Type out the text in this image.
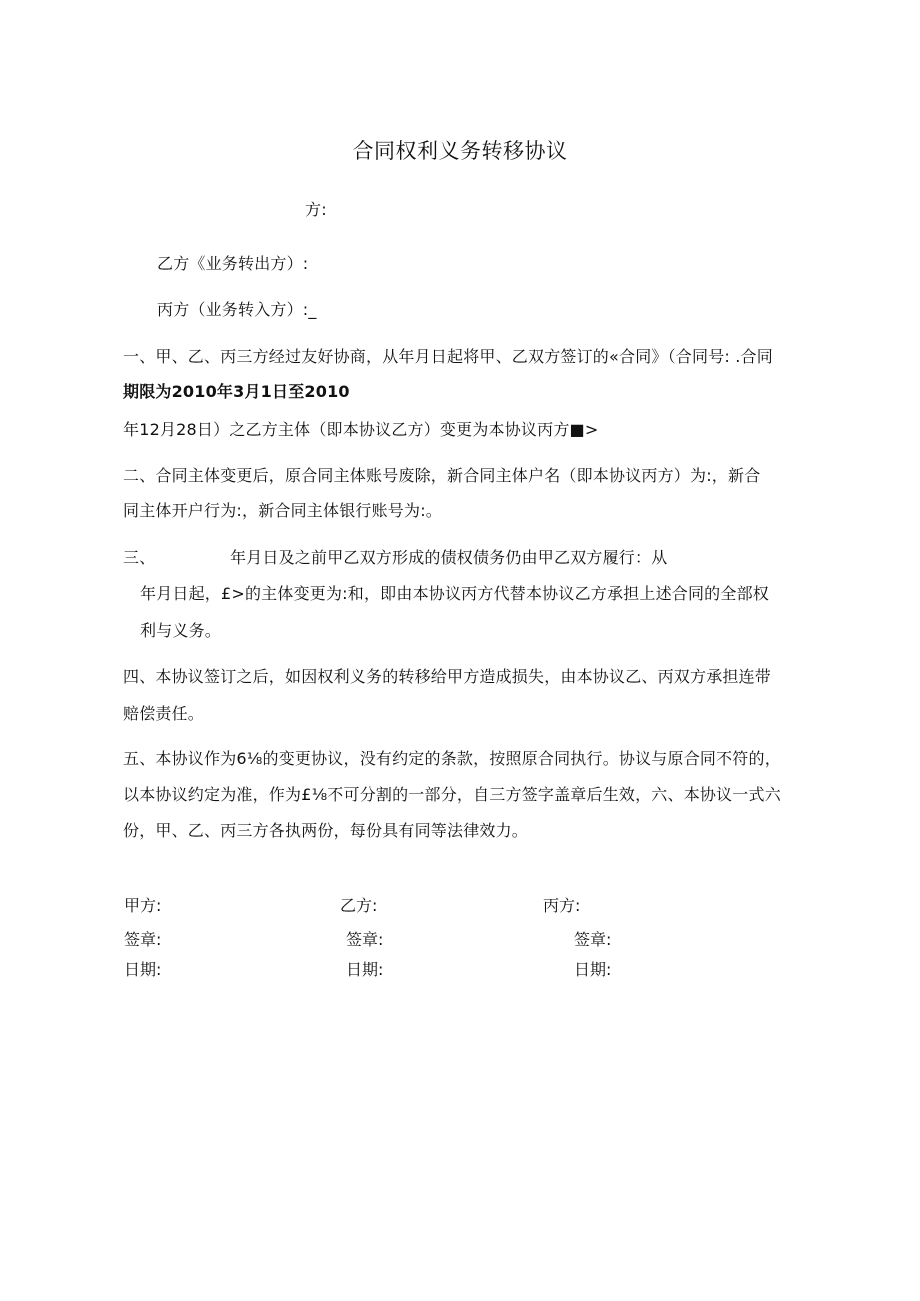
合同权利义务转移协议
方:
乙方《业务转出方）:
丙方（业务转入方）:_
一、甲、乙、丙三方经过友好协商，从年月日起将甲、乙双方签订的«合同》（合同号: .合同
期限为2010年3月1日至2010
年12月28日）之乙方主体（即本协议乙方）变更为本协议丙方■>
二、合同主体变更后，原合同主体账号废除，新合同主体户名（即本协议丙方）为:，新合
同主体开户行为:，新合同主体银行账号为:。
三、	年月日及之前甲乙双方形成的债权债务仍由甲乙双方履行：从
年月日起，£>的主体变更为:和，即由本协议丙方代替本协议乙方承担上述合同的全部权
利与义务。
四、本协议签订之后，如因权利义务的转移给甲方造成损失，由本协议乙、丙双方承担连带
赔偿责任。
五、本协议作为6⅛的变更协议，没有约定的条款，按照原合同执行。协议与原合同不符的，
以本协议约定为准，作为£⅛不可分割的一部分，自三方签字盖章后生效，六、本协议一式六
份，甲、乙、丙三方各执两份，每份具有同等法律效力。
甲方:	乙方:	丙方:
签章:	签章:	签章:
日期:	日期:	日期:
